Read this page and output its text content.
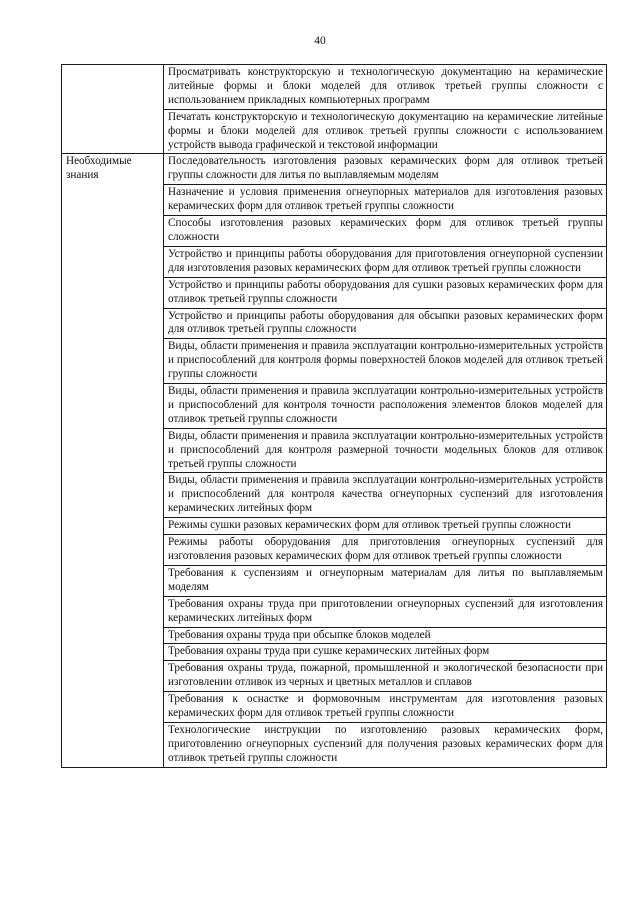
40
	Просматривать конструкторскую и технологическую документацию на керамические литейные формы и блоки моделей для отливок третьей группы сложности с использованием прикладных компьютерных программ
	Печатать конструкторскую и технологическую документацию на керамические литейные формы и блоки моделей для отливок третьей группы сложности с использованием устройств вывода графической и текстовой информации
Необходимые знания	Последовательность изготовления разовых керамических форм для отливок третьей группы сложности для литья по выплавляемым моделям
	Назначение и условия применения огнеупорных материалов для изготовления разовых керамических форм для отливок третьей группы сложности
	Способы изготовления разовых керамических форм для отливок третьей группы сложности
	Устройство и принципы работы оборудования для приготовления огнеупорной суспензии для изготовления разовых керамических форм для отливок третьей группы сложности
	Устройство и принципы работы оборудования для сушки разовых керамических форм для отливок третьей группы сложности
	Устройство и принципы работы оборудования для обсыпки разовых керамических форм для отливок третьей группы сложности
	Виды, области применения и правила эксплуатации контрольно-измерительных устройств и приспособлений для контроля формы поверхностей блоков моделей для отливок третьей группы сложности
	Виды, области применения и правила эксплуатации контрольно-измерительных устройств и приспособлений для контроля точности расположения элементов блоков моделей для отливок третьей группы сложности
	Виды, области применения и правила эксплуатации контрольно-измерительных устройств и приспособлений для контроля размерной точности модельных блоков для отливок третьей группы сложности
	Виды, области применения и правила эксплуатации контрольно-измерительных устройств и приспособлений для контроля качества огнеупорных суспензий для изготовления керамических литейных форм
	Режимы сушки разовых керамических форм для отливок третьей группы сложности
	Режимы работы оборудования для приготовления огнеупорных суспензий для изготовления разовых керамических форм для отливок третьей группы сложности
	Требования к суспензиям и огнеупорным материалам для литья по выплавляемым моделям
	Требования охраны труда при приготовлении огнеупорных суспензий для изготовления керамических литейных форм
	Требования охраны труда при обсыпке блоков моделей
	Требования охраны труда при сушке керамических литейных форм
	Требования охраны труда, пожарной, промышленной и экологической безопасности при изготовлении отливок из черных и цветных металлов и сплавов
	Требования к оснастке и формовочным инструментам для изготовления разовых керамических форм для отливок третьей группы сложности
	Технологические инструкции по изготовлению разовых керамических форм, приготовлению огнеупорных суспензий для получения разовых керамических форм для отливок третьей группы сложности
